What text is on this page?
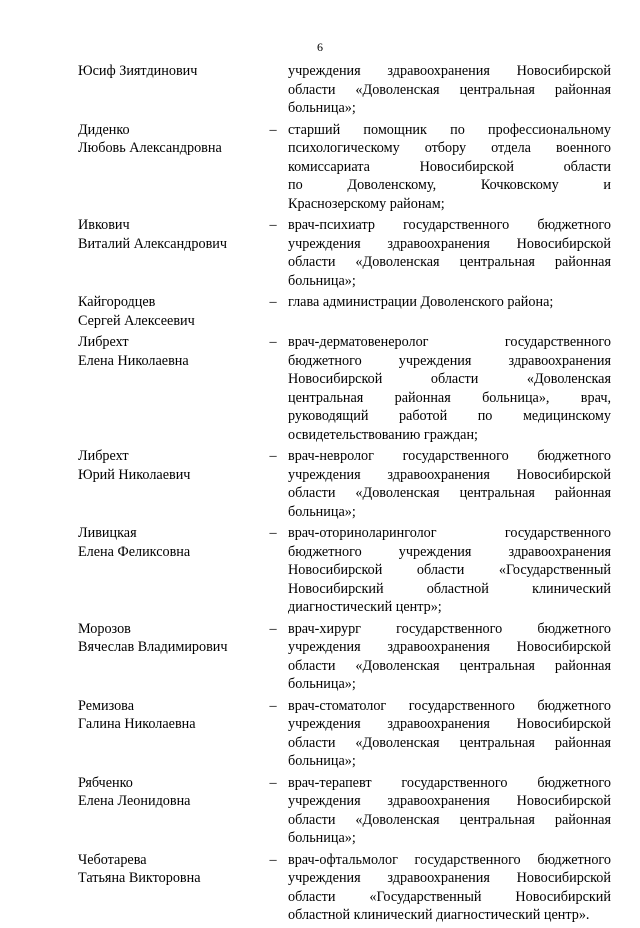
6
Юсиф Зиятдинович	учреждения здравоохранения Новосибирской
области «Доволенская центральная районная
больница»;
Диденко
Любовь Александровна
– старший помощник по профессиональному
психологическому отбору отдела военного
комиссариата Новосибирской области
по Доволенскому, Кочковскому и
Краснозерскому районам;
Ивкович
Виталий Александрович
– врач-психиатр государственного бюджетного
учреждения здравоохранения Новосибирской
области «Доволенская центральная районная
больница»;
Кайгородцев
Сергей Алексеевич
– глава администрации Доволенского района;
Либрехт
Елена Николаевна
– врач-дерматовенеролог государственного
бюджетного учреждения здравоохранения
Новосибирской области «Доволенская
центральная районная больница», врач,
руководящий работой по медицинскому
освидетельствованию граждан;
Либрехт
Юрий Николаевич
– врач-невролог государственного бюджетного
учреждения здравоохранения Новосибирской
области «Доволенская центральная районная
больница»;
Ливицкая
Елена Феликсовна
– врач-оториноларинголог государственного
бюджетного учреждения здравоохранения
Новосибирской области «Государственный
Новосибирский областной клинический
диагностический центр»;
Морозов
Вячеслав Владимирович
– врач-хирург государственного бюджетного
учреждения здравоохранения Новосибирской
области «Доволенская центральная районная
больница»;
Ремизова
Галина Николаевна
– врач-стоматолог государственного бюджетного
учреждения здравоохранения Новосибирской
области «Доволенская центральная районная
больница»;
Рябченко
Елена Леонидовна
– врач-терапевт государственного бюджетного
учреждения здравоохранения Новосибирской
области «Доволенская центральная районная
больница»;
Чеботарева
Татьяна Викторовна
– врач-офтальмолог государственного бюджетного
учреждения здравоохранения Новосибирской
области «Государственный Новосибирский
областной клинический диагностический центр».
